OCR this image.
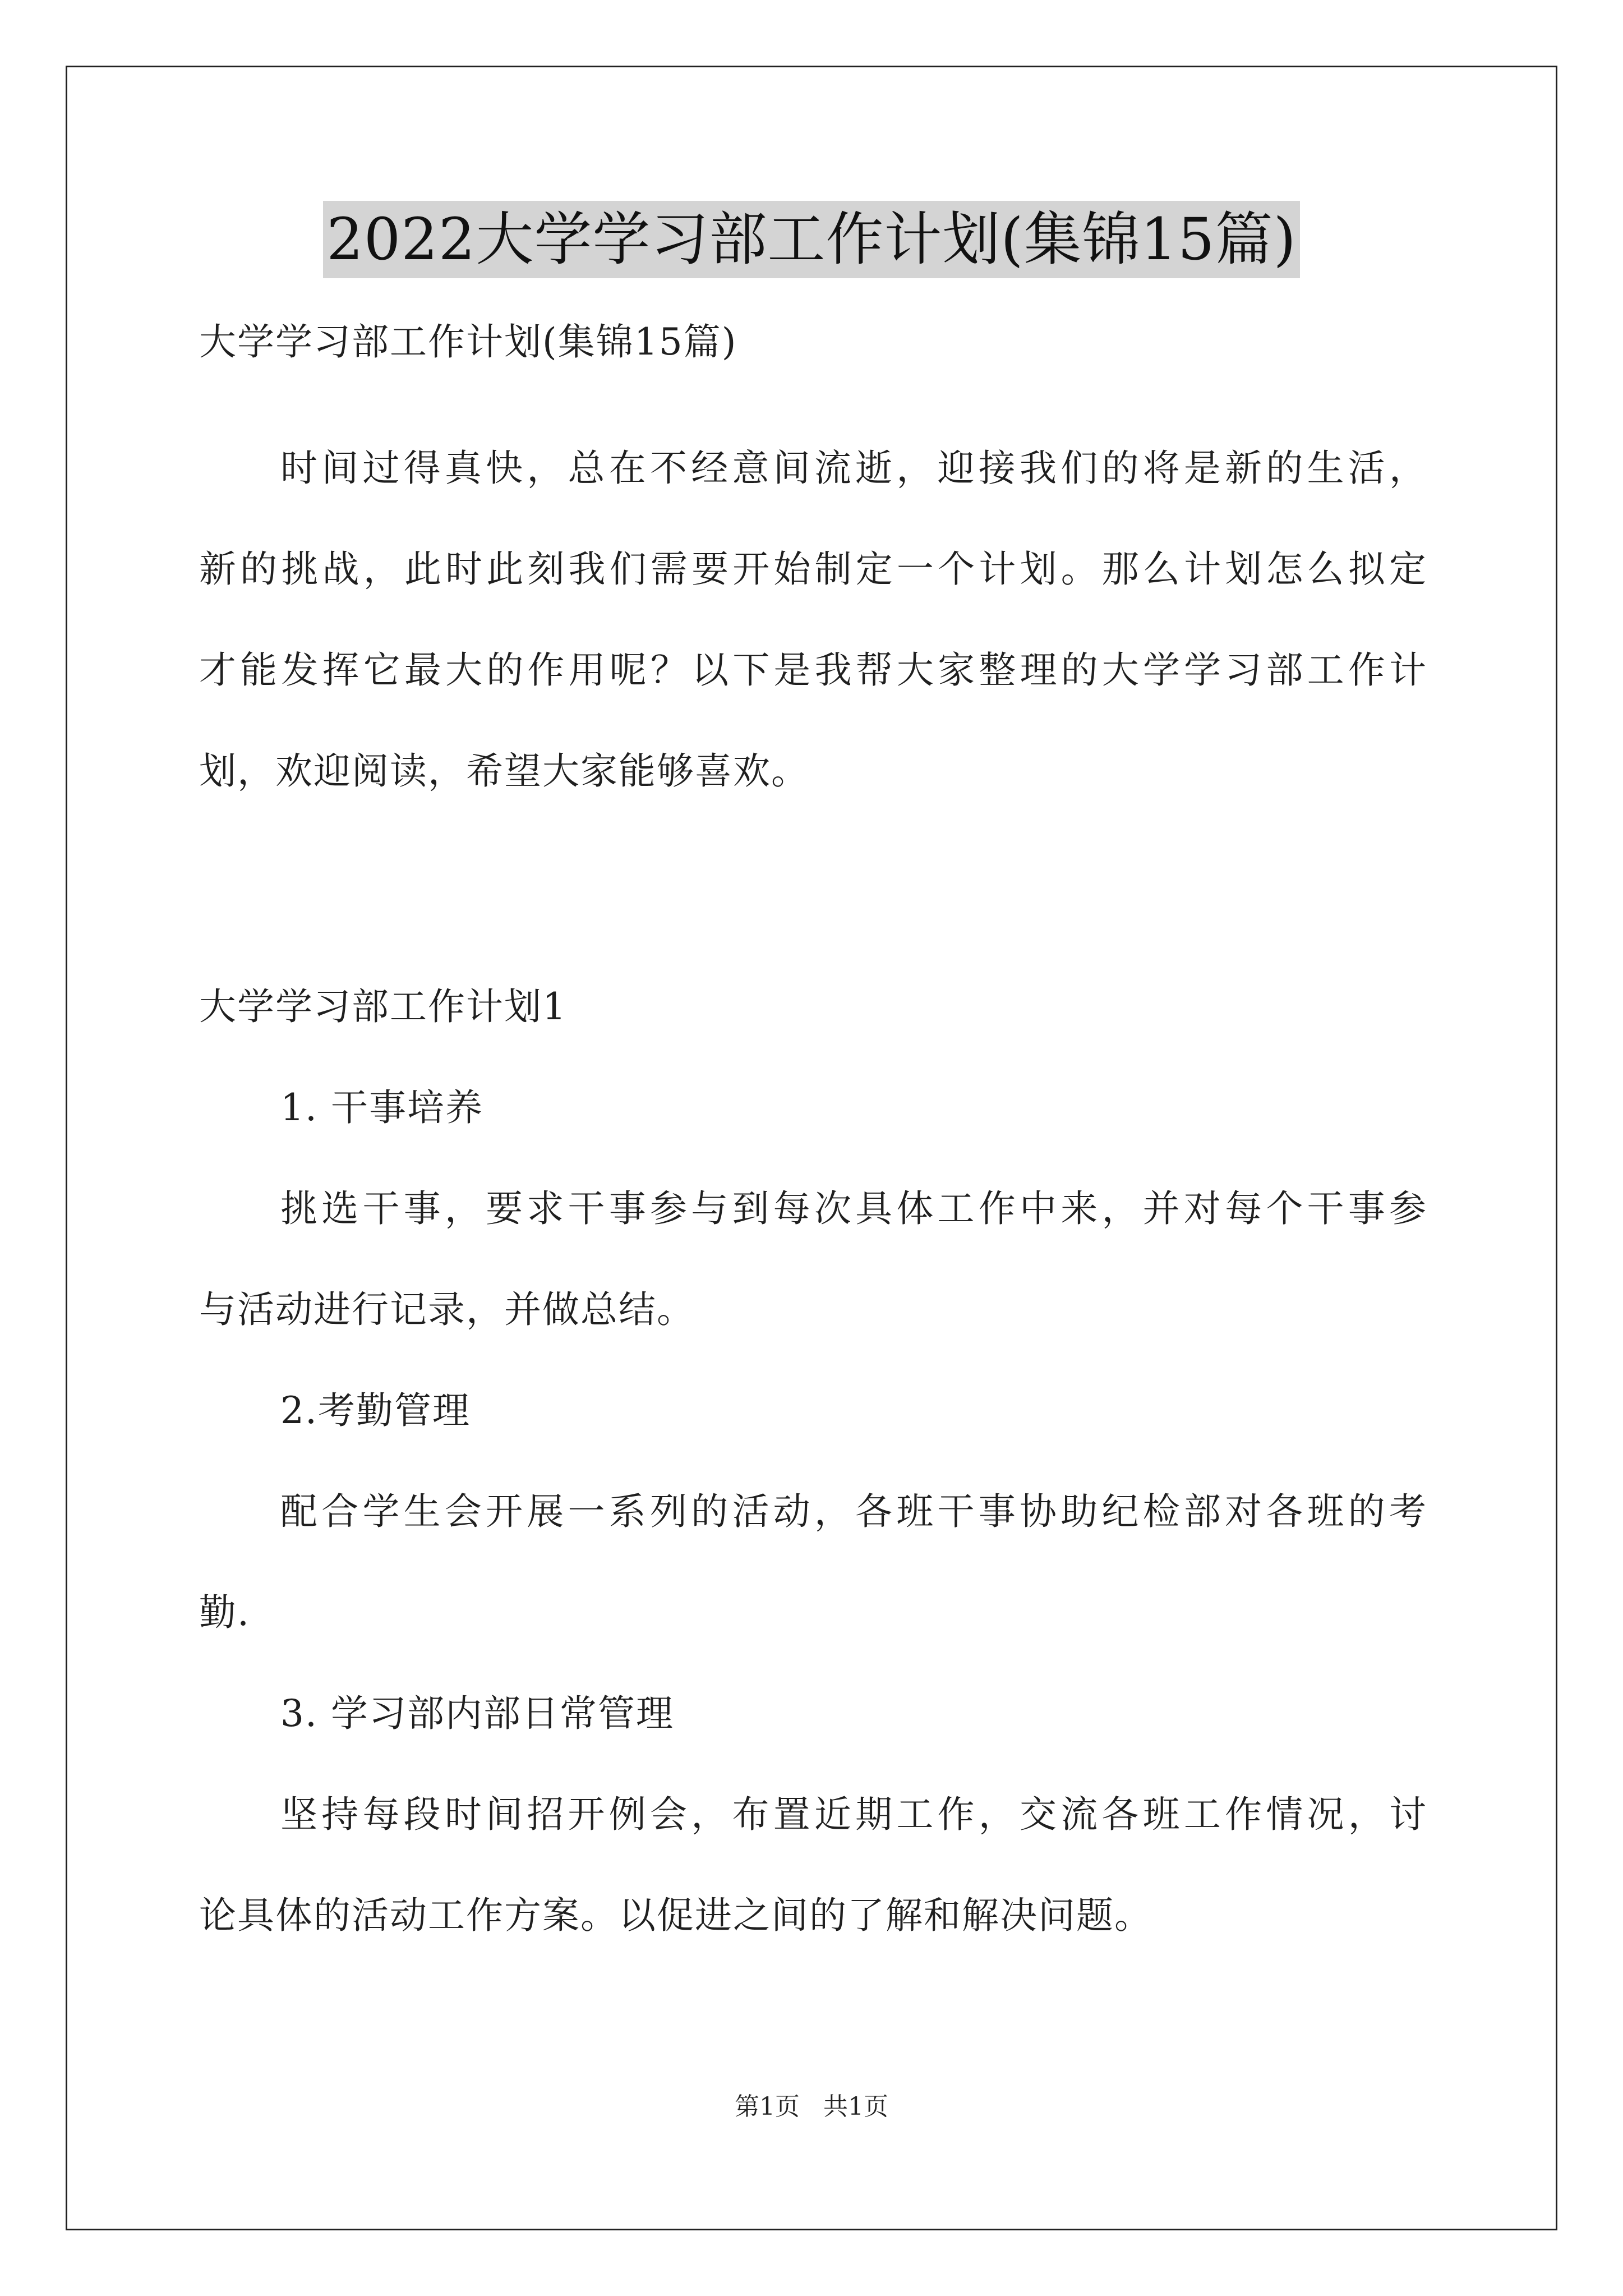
2022大学学习部工作计划(集锦15篇)
大学学习部工作计划(集锦15篇)
时间过得真快，总在不经意间流逝，迎接我们的将是新的生活，
新的挑战，此时此刻我们需要开始制定一个计划。那么计划怎么拟定
才能发挥它最大的作用呢？以下是我帮大家整理的大学学习部工作计
划，欢迎阅读，希望大家能够喜欢。
大学学习部工作计划1
1. 干事培养
挑选干事，要求干事参与到每次具体工作中来，并对每个干事参
与活动进行记录，并做总结。
2.考勤管理
配合学生会开展一系列的活动，各班干事协助纪检部对各班的考
勤.
3. 学习部内部日常管理
坚持每段时间招开例会，布置近期工作，交流各班工作情况，讨
论具体的活动工作方案。以促进之间的了解和解决问题。
第1页   共1页
